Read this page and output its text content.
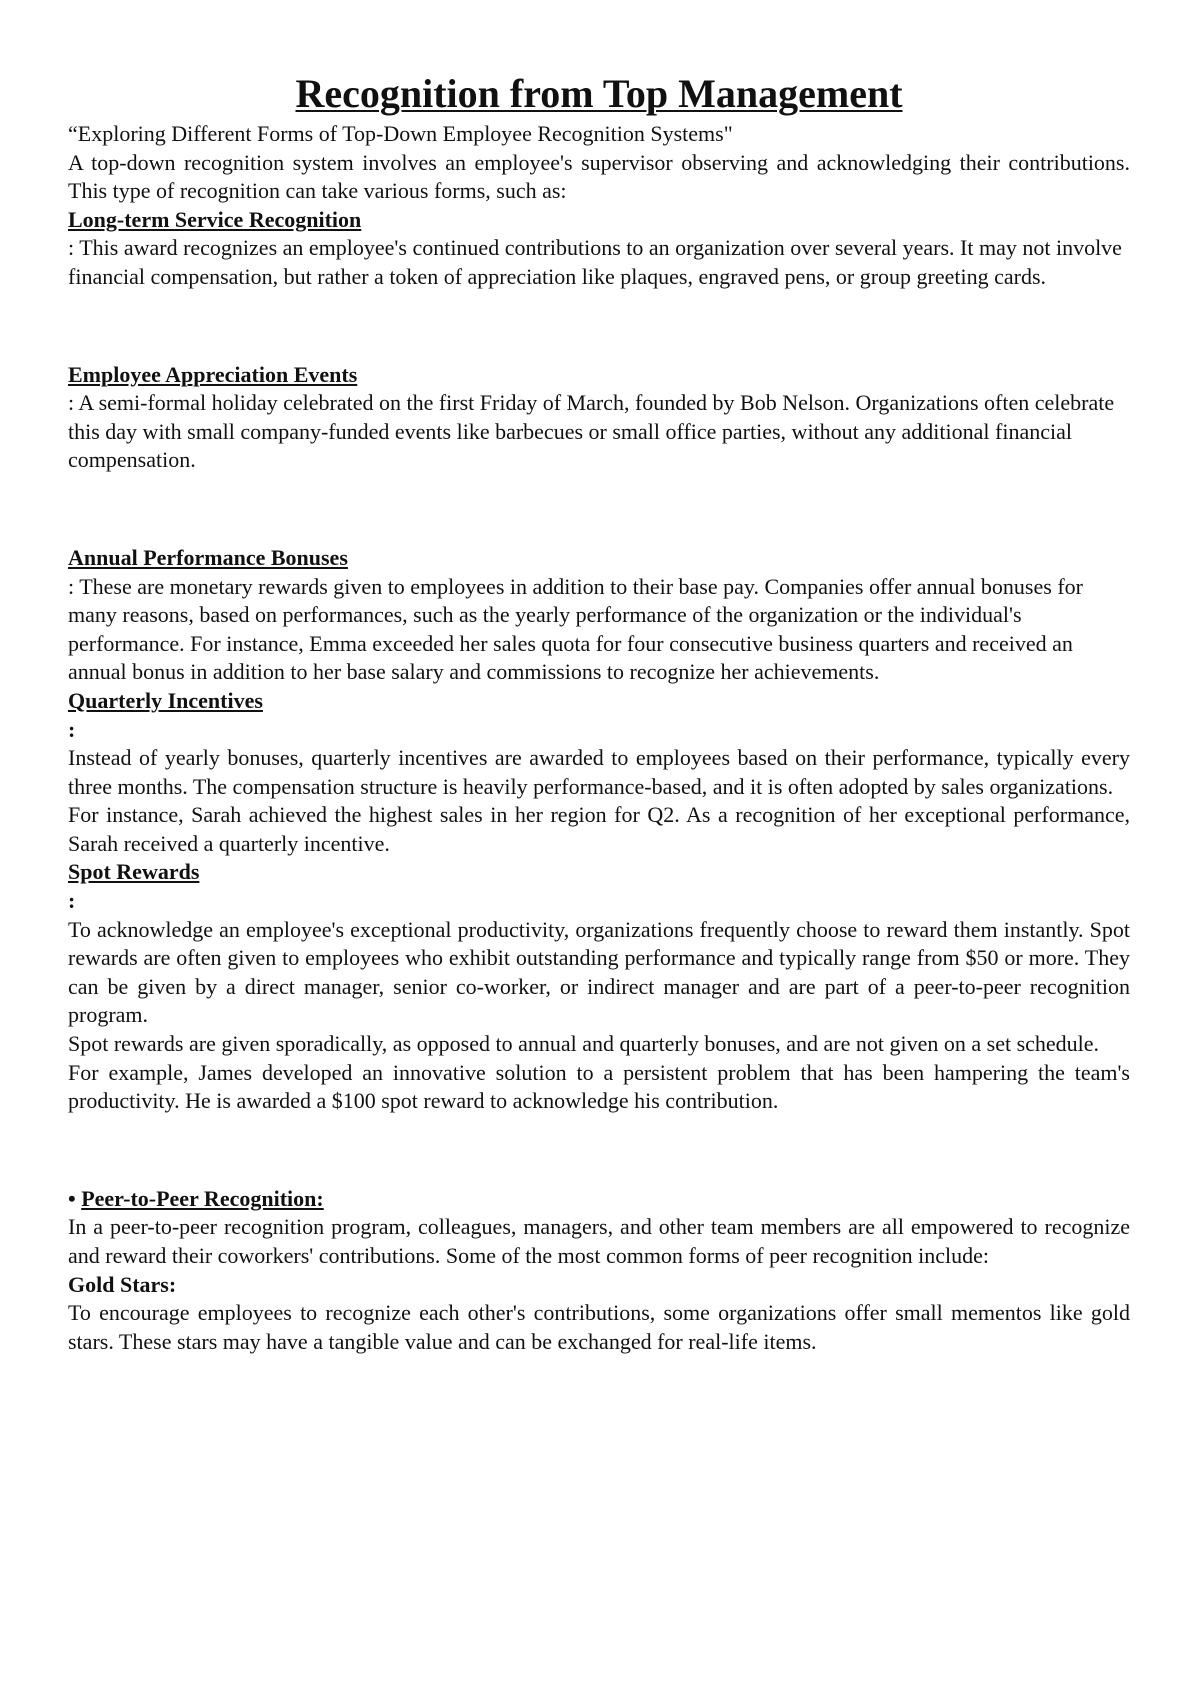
Recognition from Top Management

“Exploring Different Forms of Top-Down Employee Recognition Systems"

A top-down recognition system involves an employee's supervisor observing and acknowledging their contributions. This type of recognition can take various forms, such as:

Long-term Service Recognition

: This award recognizes an employee's continued contributions to an organization over several years. It may not involve financial compensation, but rather a token of appreciation like plaques, engraved pens, or group greeting cards.

Employee Appreciation Events

: A semi-formal holiday celebrated on the first Friday of March, founded by Bob Nelson. Organizations often celebrate this day with small company-funded events like barbecues or small office parties, without any additional financial compensation.

Annual Performance Bonuses

: These are monetary rewards given to employees in addition to their base pay. Companies offer annual bonuses for many reasons, based on performances, such as the yearly performance of the organization or the individual's performance. For instance, Emma exceeded her sales quota for four consecutive business quarters and received an annual bonus in addition to her base salary and commissions to recognize her achievements.

Quarterly Incentives

:

Instead of yearly bonuses, quarterly incentives are awarded to employees based on their performance, typically every three months. The compensation structure is heavily performance-based, and it is often adopted by sales organizations.

For instance, Sarah achieved the highest sales in her region for Q2. As a recognition of her exceptional performance, Sarah received a quarterly incentive.

Spot Rewards

:

To acknowledge an employee's exceptional productivity, organizations frequently choose to reward them instantly. Spot rewards are often given to employees who exhibit outstanding performance and typically range from $50 or more. They can be given by a direct manager, senior co-worker, or indirect manager and are part of a peer-to-peer recognition program.

Spot rewards are given sporadically, as opposed to annual and quarterly bonuses, and are not given on a set schedule.

For example, James developed an innovative solution to a persistent problem that has been hampering the team's productivity. He is awarded a $100 spot reward to acknowledge his contribution.

• Peer-to-Peer Recognition:

In a peer-to-peer recognition program, colleagues, managers, and other team members are all empowered to recognize and reward their coworkers' contributions. Some of the most common forms of peer recognition include:

Gold Stars:

To encourage employees to recognize each other's contributions, some organizations offer small mementos like gold stars. These stars may have a tangible value and can be exchanged for real-life items.
